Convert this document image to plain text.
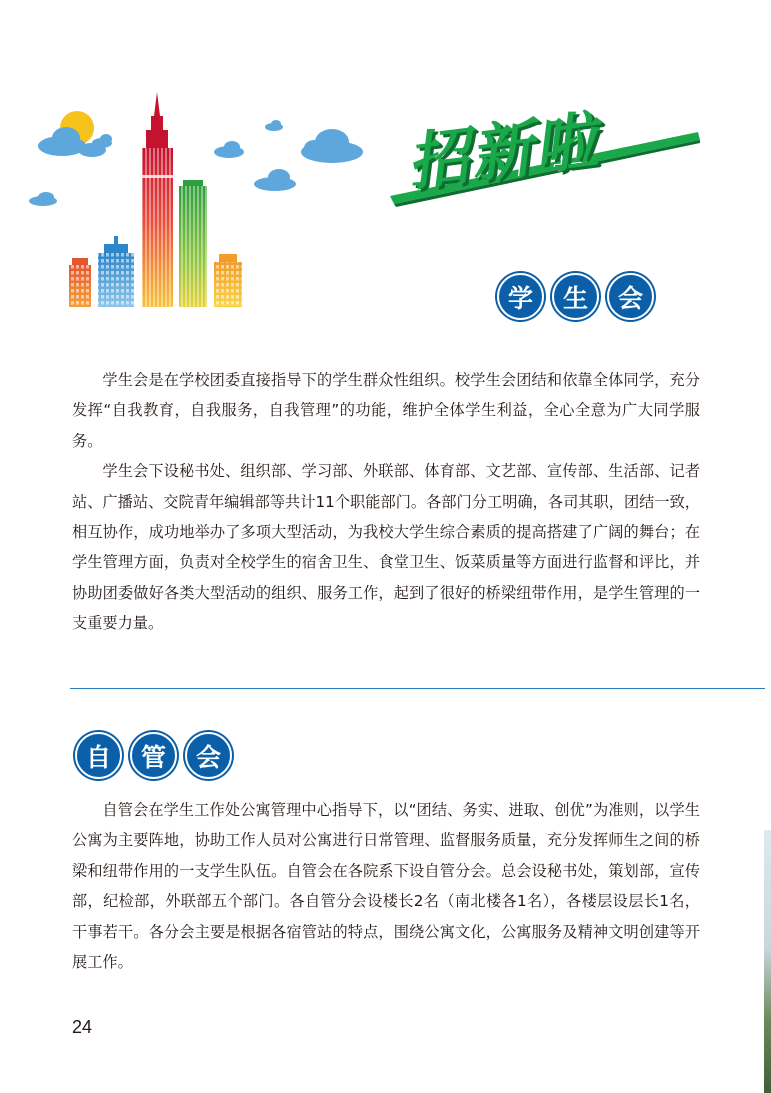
招新啦
学	生	会

学生会是在学校团委直接指导下的学生群众性组织。校学生会团结和依靠全体同学，充分发挥“自我教育，自我服务，自我管理”的功能，维护全体学生利益，全心全意为广大同学服务。

学生会下设秘书处、组织部、学习部、外联部、体育部、文艺部、宣传部、生活部、记者站、广播站、交院青年编辑部等共计11个职能部门。各部门分工明确，各司其职，团结一致，相互协作，成功地举办了多项大型活动，为我校大学生综合素质的提高搭建了广阔的舞台；在学生管理方面，负责对全校学生的宿舍卫生、食堂卫生、饭菜质量等方面进行监督和评比，并协助团委做好各类大型活动的组织、服务工作，起到了很好的桥梁纽带作用，是学生管理的一支重要力量。

自	管	会

自管会在学生工作处公寓管理中心指导下，以“团结、务实、进取、创优”为准则，以学生公寓为主要阵地，协助工作人员对公寓进行日常管理、监督服务质量，充分发挥师生之间的桥梁和纽带作用的一支学生队伍。自管会在各院系下设自管分会。总会设秘书处，策划部，宣传部，纪检部，外联部五个部门。各自管分会设楼长2名（南北楼各1名），各楼层设层长1名，干事若干。各分会主要是根据各宿管站的特点，围绕公寓文化，公寓服务及精神文明创建等开展工作。

24
